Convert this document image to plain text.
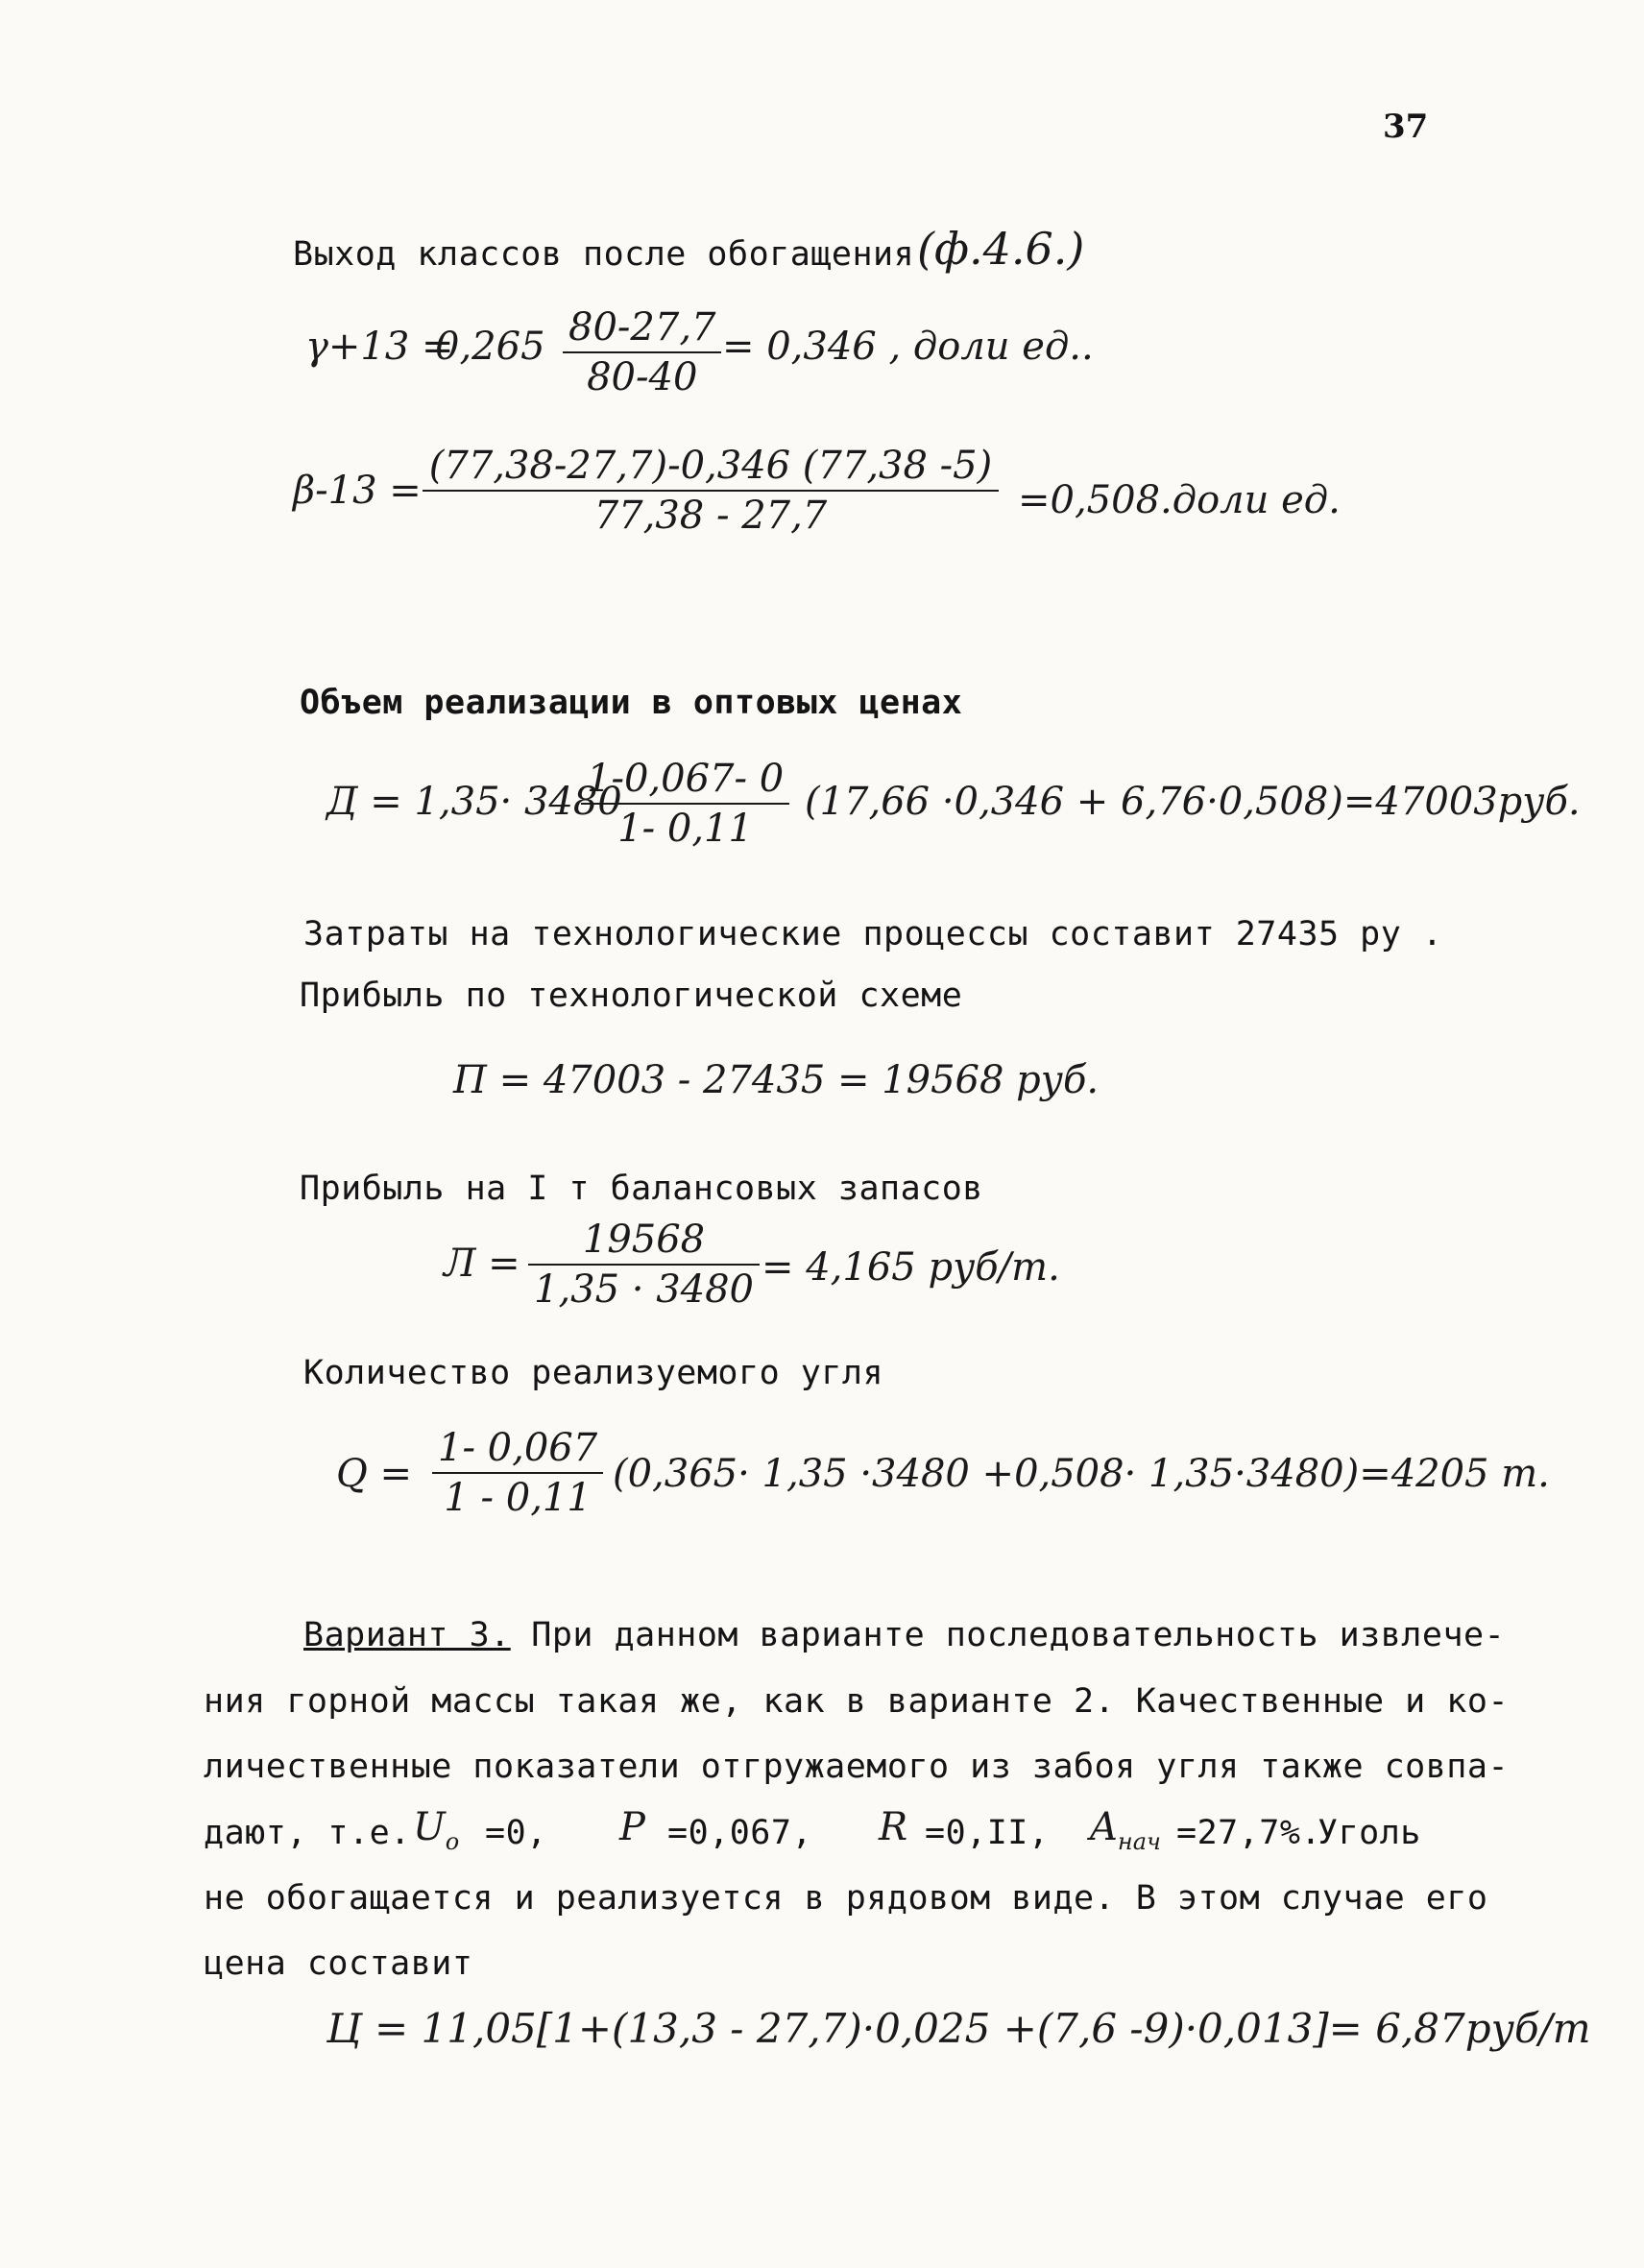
37
Выход классов после обогащения (ф.4.6.)
γ+13 =
0,265 80-27,7
80-40
= 0,346 , доли ед..
β-13 =
(77,38-27,7)-0,346 (77,38 -5)
77,38 - 27,7	=0,508.доли ед.
Объем реализации в оптовых ценах
Д = 1,35· 3480
1-0,067- 0
1- 0,11
(17,66 ·0,346 + 6,76·0,508)=47003руб.
Затраты на технологические процессы составит 27435 ру .
Прибыль по технологической схеме
П = 47003 - 27435 = 19568 руб.
Прибыль на I т балансовых запасов
Л =
19568
1,35 · 3480 = 4,165 руб/т.
Количество реализуемого угля
Q =
1- 0,067
1 - 0,11
(0,365· 1,35 ·3480 +0,508· 1,35·3480)=4205 т.
Вариант 3. При данном варианте последовательность извлече-
ния горной массы такая же, как в варианте 2. Качественные и ко-
личественные показатели отгружаемого из забоя угля также совпа-
дают, т.е. $U_o =0$, P =0,067, R =0,II, $A_{нач} =27,7\%$.
Уголь
не обогащается и реализуется в рядовом виде. В этом случае его
цена составит
Ц = 11,05[1+(13,3 - 27,7)·0,025 +(7,6 -9)·0,013]= 6,87руб/т
